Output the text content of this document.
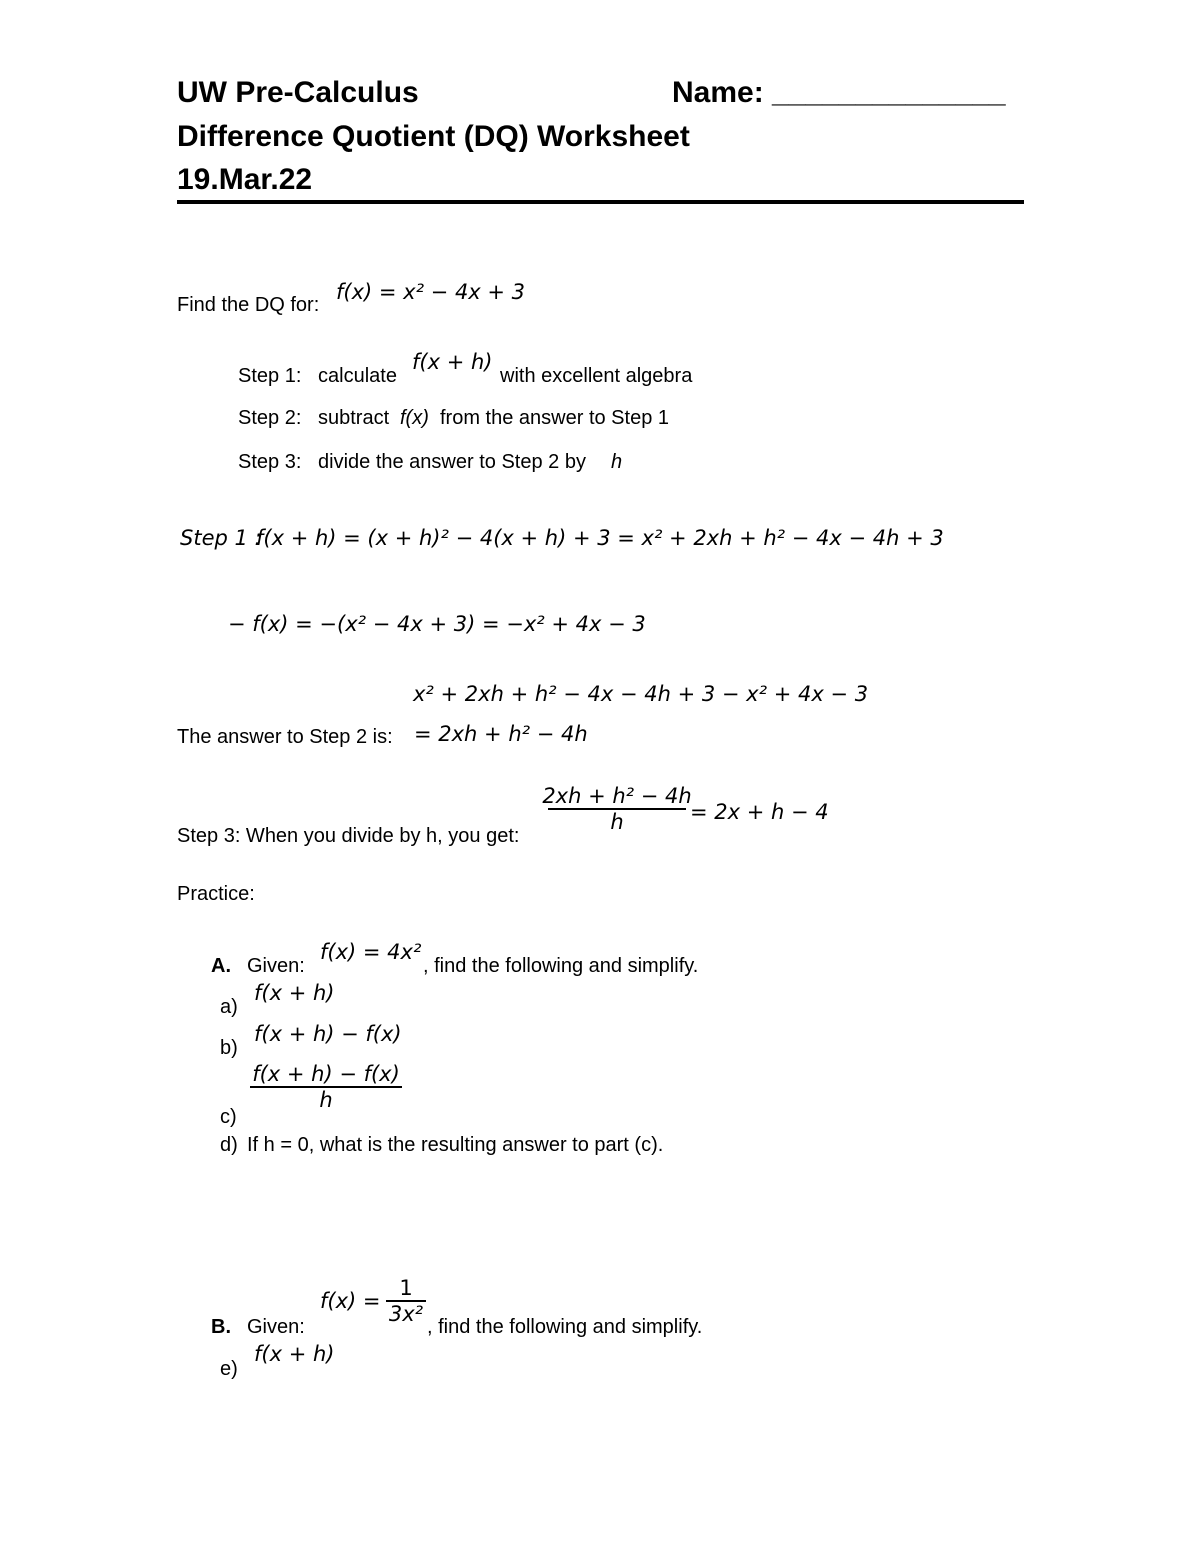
UW Pre-Calculus	Name: ______________
Difference Quotient (DQ) Worksheet
19.Mar.22
Find the DQ for:
f(x) = x² − 4x + 3
Step 1: calculate
f(x + h)
with excellent algebra
Step 2: subtract f(x) from the answer to Step 1
Step 3: divide the answer to Step 2 by h
Step 1 :
f(x + h) = (x + h)² − 4(x + h) + 3 = x² + 2xh + h² − 4x − 4h + 3
− f(x) = −(x² − 4x + 3) = −x² + 4x − 3
x² + 2xh + h² − 4x − 4h + 3 − x² + 4x − 3
The answer to Step 2 is: = 2xh + h² − 4h
Step 3: When you divide by h, you get:
2xh + h² − 4h
h	= 2x + h − 4
Practice:
A. Given:
f(x) = 4x²
, find the following and simplify.
a)
f(x + h)
b)
f(x + h) − f(x)
c)
f(x + h) − f(x)
h
d) If h = 0, what is the resulting answer to part (c).
B. Given:
f(x) =
1
3x²
, find the following and simplify.
e)
f(x + h)
